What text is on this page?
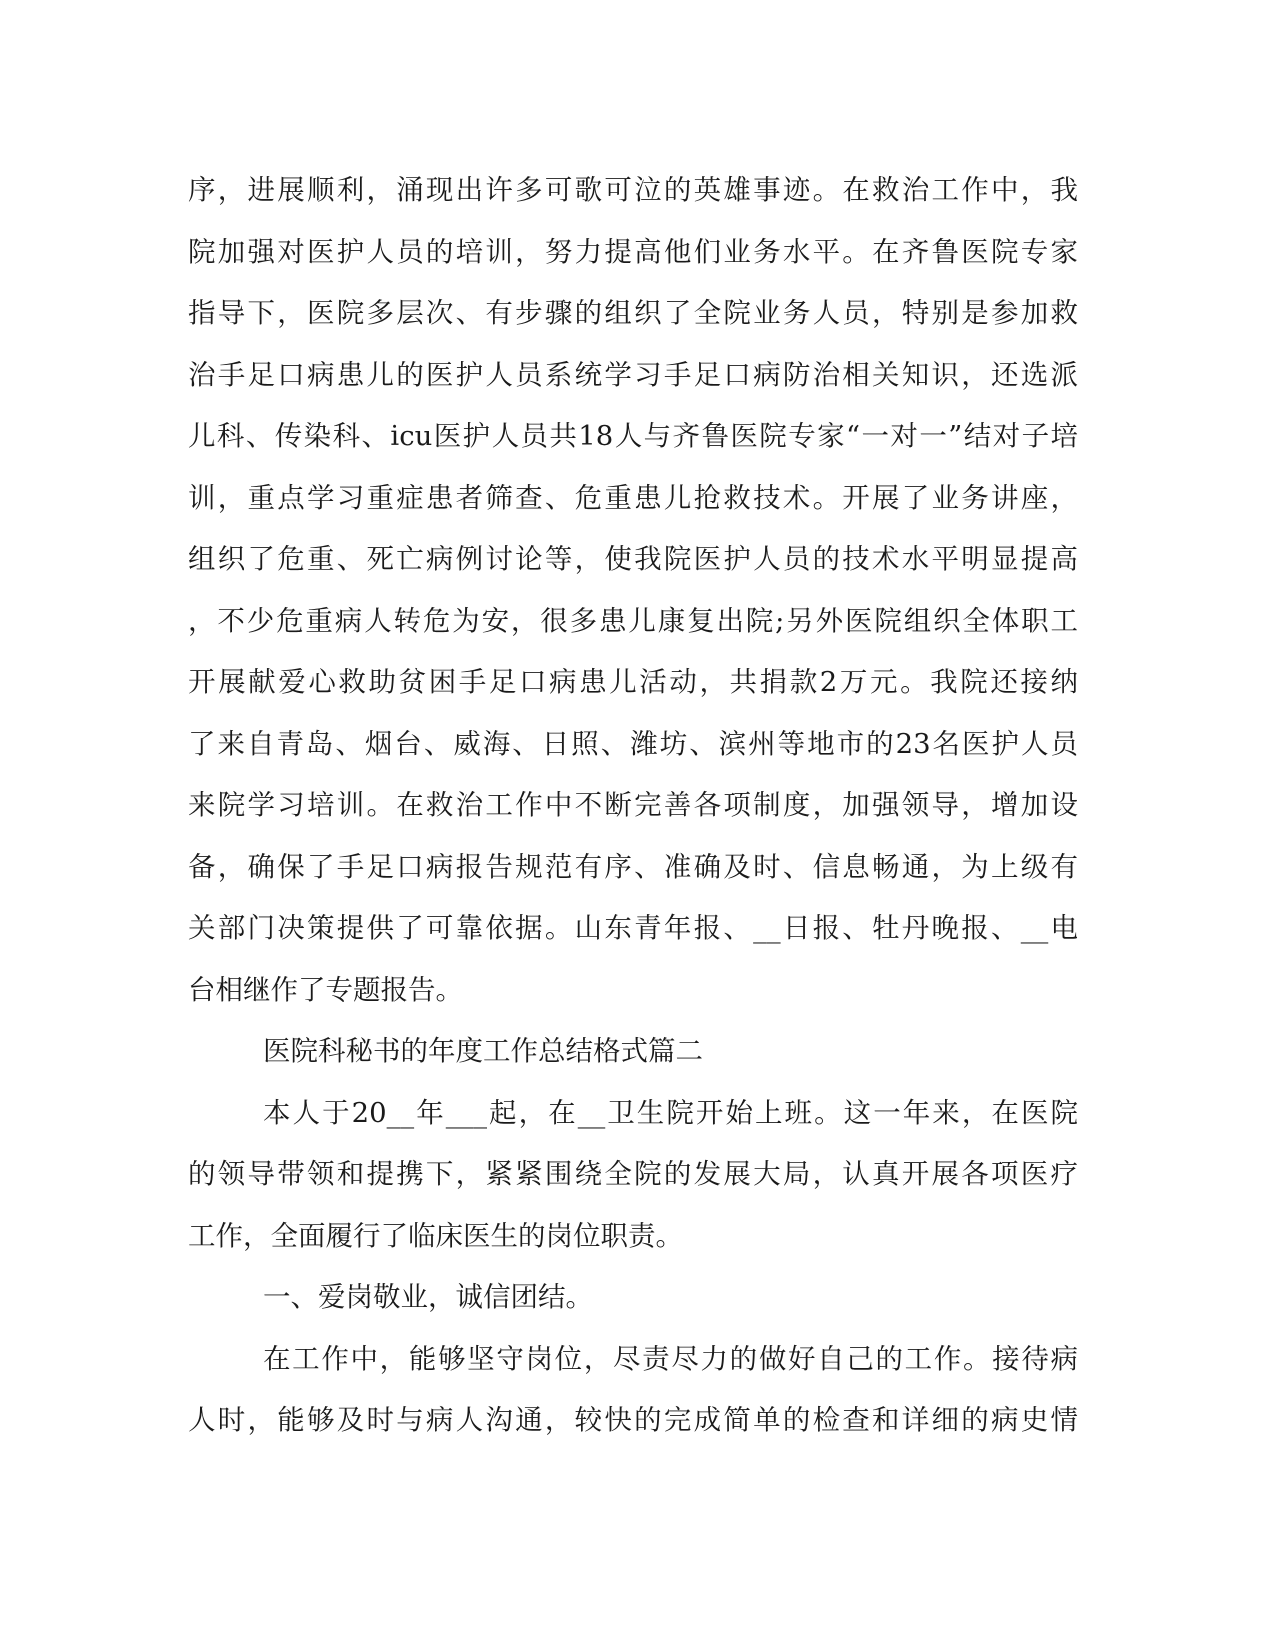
序，进展顺利，涌现出许多可歌可泣的英雄事迹。在救治工作中，我
院加强对医护人员的培训，努力提高他们业务水平。在齐鲁医院专家
指导下，医院多层次、有步骤的组织了全院业务人员，特别是参加救
治手足口病患儿的医护人员系统学习手足口病防治相关知识，还选派
儿科、传染科、icu医护人员共18人与齐鲁医院专家“一对一”结对子培
训，重点学习重症患者筛查、危重患儿抢救技术。开展了业务讲座，
组织了危重、死亡病例讨论等，使我院医护人员的技术水平明显提高
，不少危重病人转危为安，很多患儿康复出院;另外医院组织全体职工
开展献爱心救助贫困手足口病患儿活动，共捐款2万元。我院还接纳
了来自青岛、烟台、威海、日照、潍坊、滨州等地市的23名医护人员
来院学习培训。在救治工作中不断完善各项制度，加强领导，增加设
备，确保了手足口病报告规范有序、准确及时、信息畅通，为上级有
关部门决策提供了可靠依据。山东青年报、__日报、牡丹晚报、__电
台相继作了专题报告。
医院科秘书的年度工作总结格式篇二
本人于20__年___起，在__卫生院开始上班。这一年来，在医院
的领导带领和提携下，紧紧围绕全院的发展大局，认真开展各项医疗
工作，全面履行了临床医生的岗位职责。
一、爱岗敬业，诚信团结。
在工作中，能够坚守岗位，尽责尽力的做好自己的工作。接待病
人时，能够及时与病人沟通，较快的完成简单的检查和详细的病史情
